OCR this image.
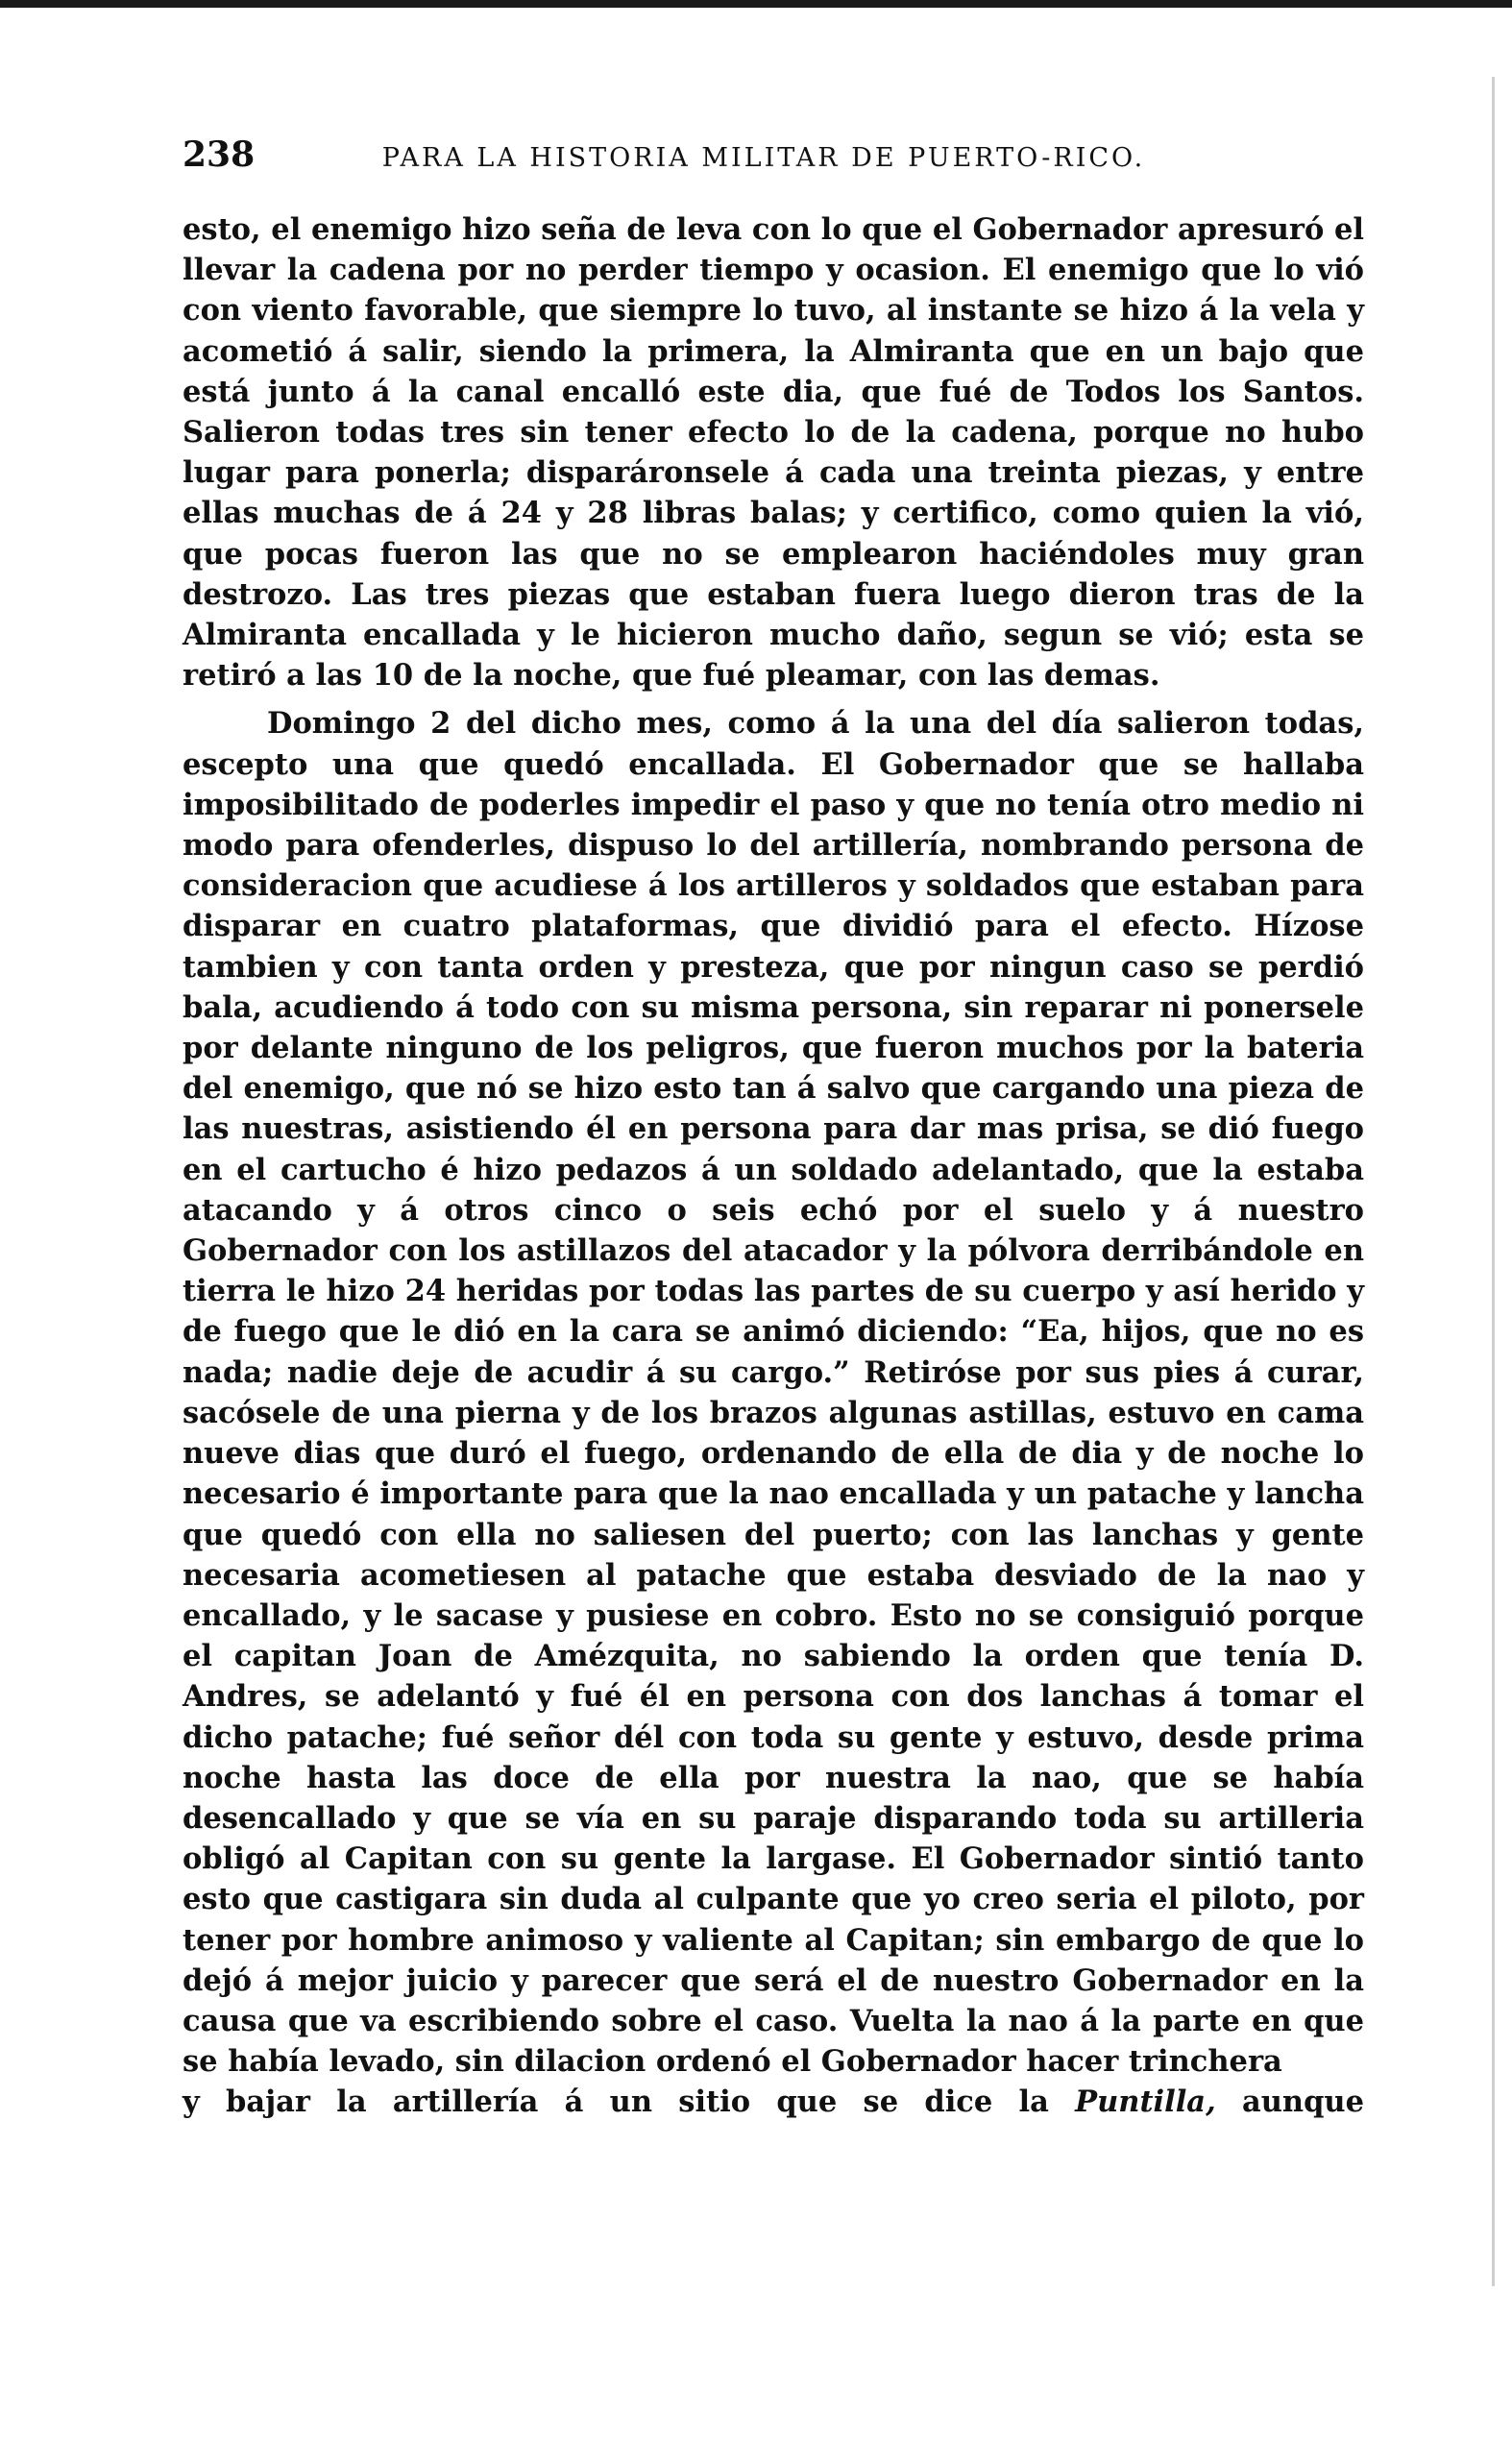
238	PARA LA HISTORIA MILITAR DE PUERTO-RICO.

esto, el enemigo hizo seña de leva con lo que el Gobernador apresuró el llevar la cadena por no perder tiempo y ocasion. El enemigo que lo vió con viento favorable, que siempre lo tuvo, al instante se hizo á la vela y acometió á salir, siendo la primera, la Almiranta que en un bajo que está junto á la canal encalló este dia, que fué de Todos los Santos. Salieron todas tres sin tener efecto lo de la cadena, porque no hubo lugar para ponerla; disparáronsele á cada una treinta piezas, y entre ellas muchas de á 24 y 28 libras balas; y certifico, como quien la vió, que pocas fueron las que no se emplearon haciéndoles muy gran destrozo. Las tres piezas que estaban fuera luego dieron tras de la Almiranta encallada y le hicieron mucho daño, segun se vió; esta se retiró a las 10 de la noche, que fué pleamar, con las demas.

Domingo 2 del dicho mes, como á la una del día salieron todas, escepto una que quedó encallada. El Gobernador que se hallaba imposibilitado de poderles impedir el paso y que no tenía otro medio ni modo para ofenderles, dispuso lo del artillería, nombrando persona de consideracion que acudiese á los artilleros y soldados que estaban para disparar en cuatro plataformas, que dividió para el efecto. Hízose tambien y con tanta orden y presteza, que por ningun caso se perdió bala, acudiendo á todo con su misma persona, sin reparar ni ponersele por delante ninguno de los peligros, que fueron muchos por la bateria del enemigo, que nó se hizo esto tan á salvo que cargando una pieza de las nuestras, asistiendo él en persona para dar mas prisa, se dió fuego en el cartucho é hizo pedazos á un soldado adelantado, que la estaba atacando y á otros cinco o seis echó por el suelo y á nuestro Gobernador con los astillazos del atacador y la pólvora derribándole en tierra le hizo 24 heridas por todas las partes de su cuerpo y así herido y de fuego que le dió en la cara se animó diciendo: “Ea, hijos, que no es nada; nadie deje de acudir á su cargo.” Retiróse por sus pies á curar, sacósele de una pierna y de los brazos algunas astillas, estuvo en cama nueve dias que duró el fuego, ordenando de ella de dia y de noche lo necesario é importante para que la nao encallada y un patache y lancha que quedó con ella no saliesen del puerto; con las lanchas y gente necesaria acometiesen al patache que estaba desviado de la nao y encallado, y le sacase y pusiese en cobro. Esto no se consiguió porque el capitan Joan de Amézquita, no sabiendo la orden que tenía D. Andres, se adelantó y fué él en persona con dos lanchas á tomar el dicho patache; fué señor dél con toda su gente y estuvo, desde prima noche hasta las doce de ella por nuestra la nao, que se había desencallado y que se vía en su paraje disparando toda su artilleria obligó al Capitan con su gente la largase. El Gobernador sintió tanto esto que castigara sin duda al culpante que yo creo seria el piloto, por tener por hombre animoso y valiente al Capitan; sin embargo de que lo dejó á mejor juicio y parecer que será el de nuestro Gobernador en la causa que va escribiendo sobre el caso. Vuelta la nao á la parte en que se había levado, sin dilacion ordenó el Gobernador hacer trinchera

y bajar la artillería á un sitio que se dice la Puntilla, aunque
